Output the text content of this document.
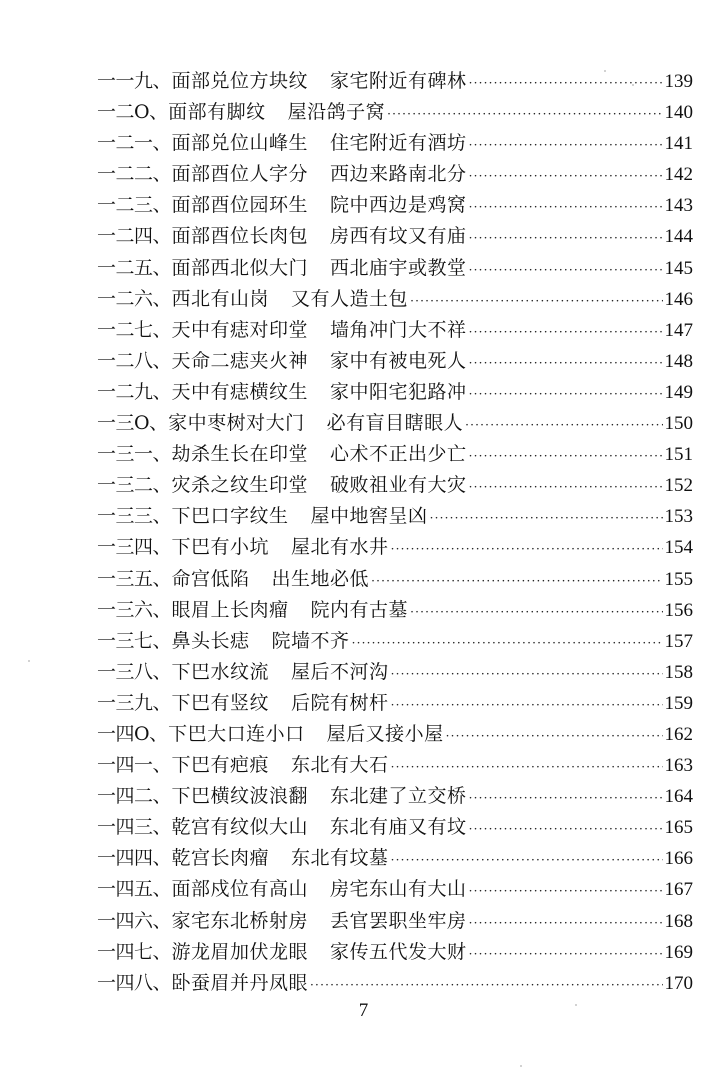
一一九 、 面部兑位方块纹 家宅附近有碑林 ·····	139
一二O 、 面部有脚纹 屋沿鸽子窝 ·····	140
一二一 、 面部兑位山峰生 住宅附近有酒坊 ·····	141
一二二 、 面部酉位人字分 西边来路南北分 ·····	142
一二三 、 面部酉位园环生 院中西边是鸡窝 ·····	143
一二四 、 面部酉位长肉包 房西有坟又有庙 ·····	144
一二五 、 面部西北似大门 西北庙宇或教堂 ·····	145
一二六 、 西北有山岗 又有人造土包 ·····	146
一二七 、 天中有痣对印堂 墙角冲门大不祥 ·····	147
一二八 、 天命二痣夹火神 家中有被电死人 ·····	148
一二九 、 天中有痣横纹生 家中阳宅犯路冲 ·····	149
一三O 、 家中枣树对大门 必有盲目瞎眼人 ·····	150
一三一 、 劫杀生长在印堂 心术不正出少亡 ·····	151
一三二 、 灾杀之纹生印堂 破败祖业有大灾 ·····	152
一三三 、 下巴口字纹生 屋中地窖呈凶 ·····	153
一三四 、 下巴有小坑 屋北有水井 ·····	154
一三五 、 命宫低陷 出生地必低 ·····	155
一三六 、 眼眉上长肉瘤 院内有古墓 ·····	156
一三七 、 鼻头长痣 院墙不齐 ·····	157
一三八 、 下巴水纹流 屋后不河沟 ·····	158
一三九 、 下巴有竖纹 后院有树杆 ·····	159
一四O 、 下巴大口连小口 屋后又接小屋 ·····	162
一四一 、 下巴有疤痕 东北有大石 ·····	163
一四二 、 下巴横纹波浪翻 东北建了立交桥 ·····	164
一四三 、 乾宫有纹似大山 东北有庙又有坟 ·····	165
一四四 、 乾宫长肉瘤 东北有坟墓 ·····	166
一四五 、 面部戍位有高山 房宅东山有大山 ·····	167
一四六 、 家宅东北桥射房 丢官罢职坐牢房 ·····	168
一四七 、 游龙眉加伏龙眼 家传五代发大财 ·····	169
一四八 、 卧蚕眉并丹凤眼 ·····	170
7
